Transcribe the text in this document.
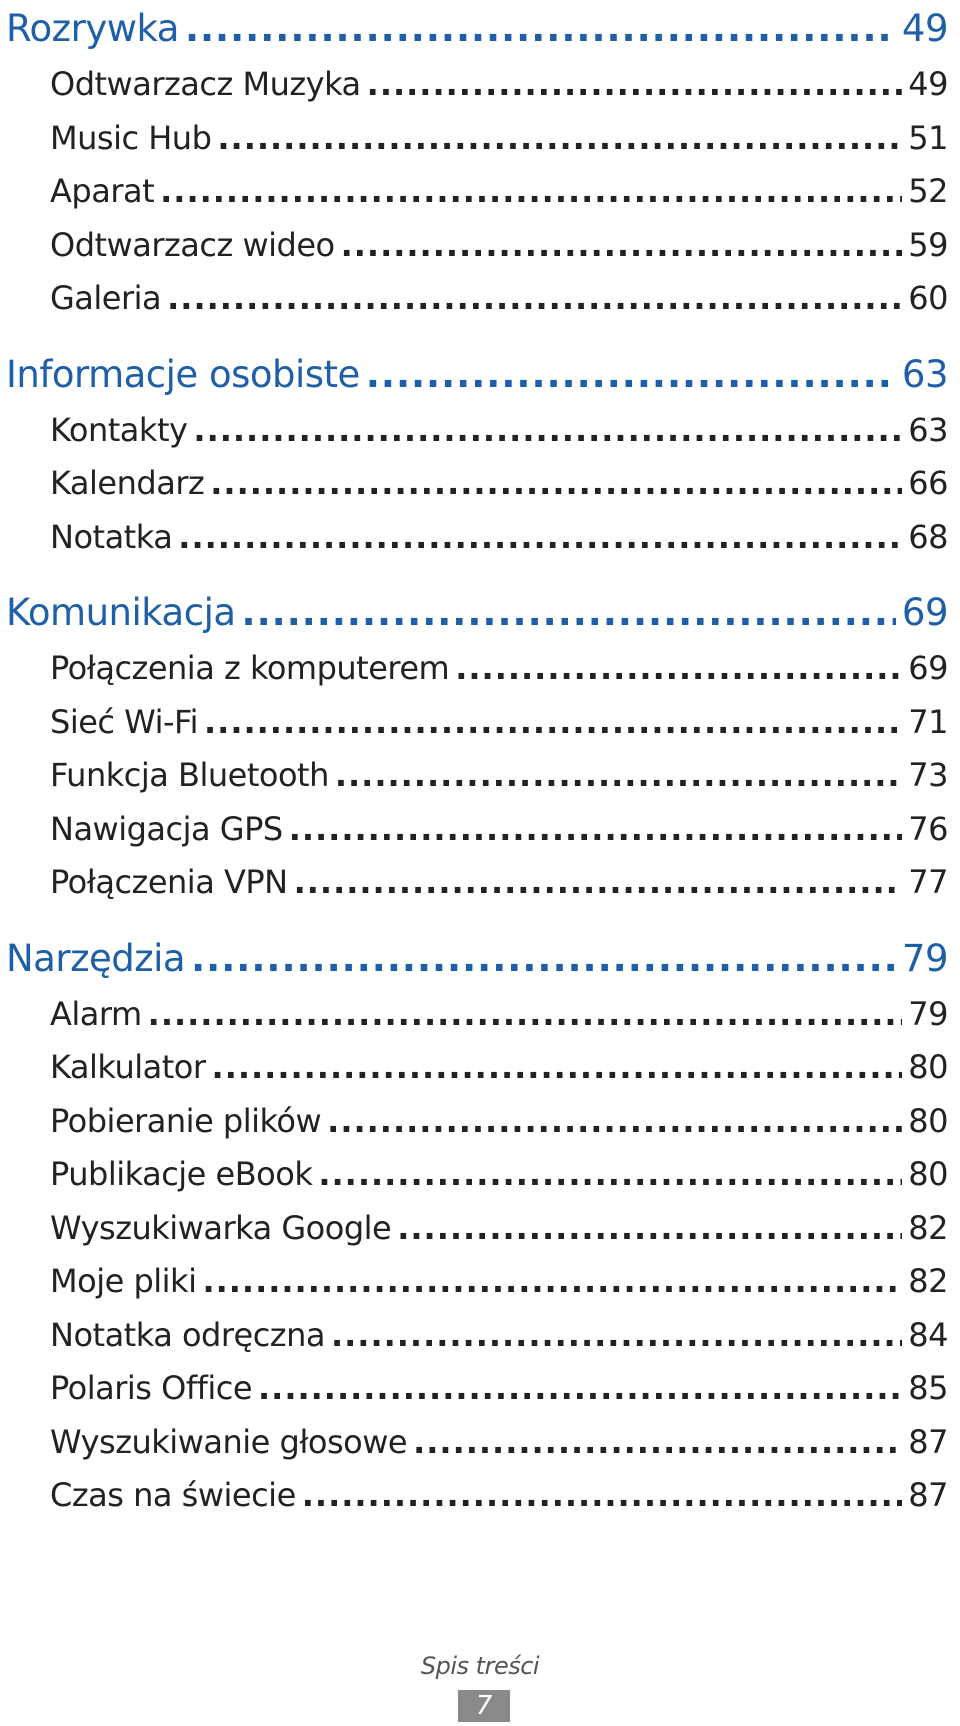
Rozrywka .....	49
Odtwarzacz Muzyka .....	49
Music Hub .....	51
Aparat .....	52
Odtwarzacz wideo .....	59
Galeria .....	60
Informacje osobiste .....	63
Kontakty .....	63
Kalendarz .....	66
Notatka .....	68
Komunikacja .....	69
Połączenia z komputerem .....	69
Sieć Wi-Fi .....	71
Funkcja Bluetooth .....	73
Nawigacja GPS .....	76
Połączenia VPN .....	77
Narzędzia .....	79
Alarm .....	79
Kalkulator .....	80
Pobieranie plików .....	80
Publikacje eBook .....	80
Wyszukiwarka Google .....	82
Moje pliki .....	82
Notatka odręczna .....	84
Polaris Office .....	85
Wyszukiwanie głosowe .....	87
Czas na świecie .....	87
Spis treści
7
